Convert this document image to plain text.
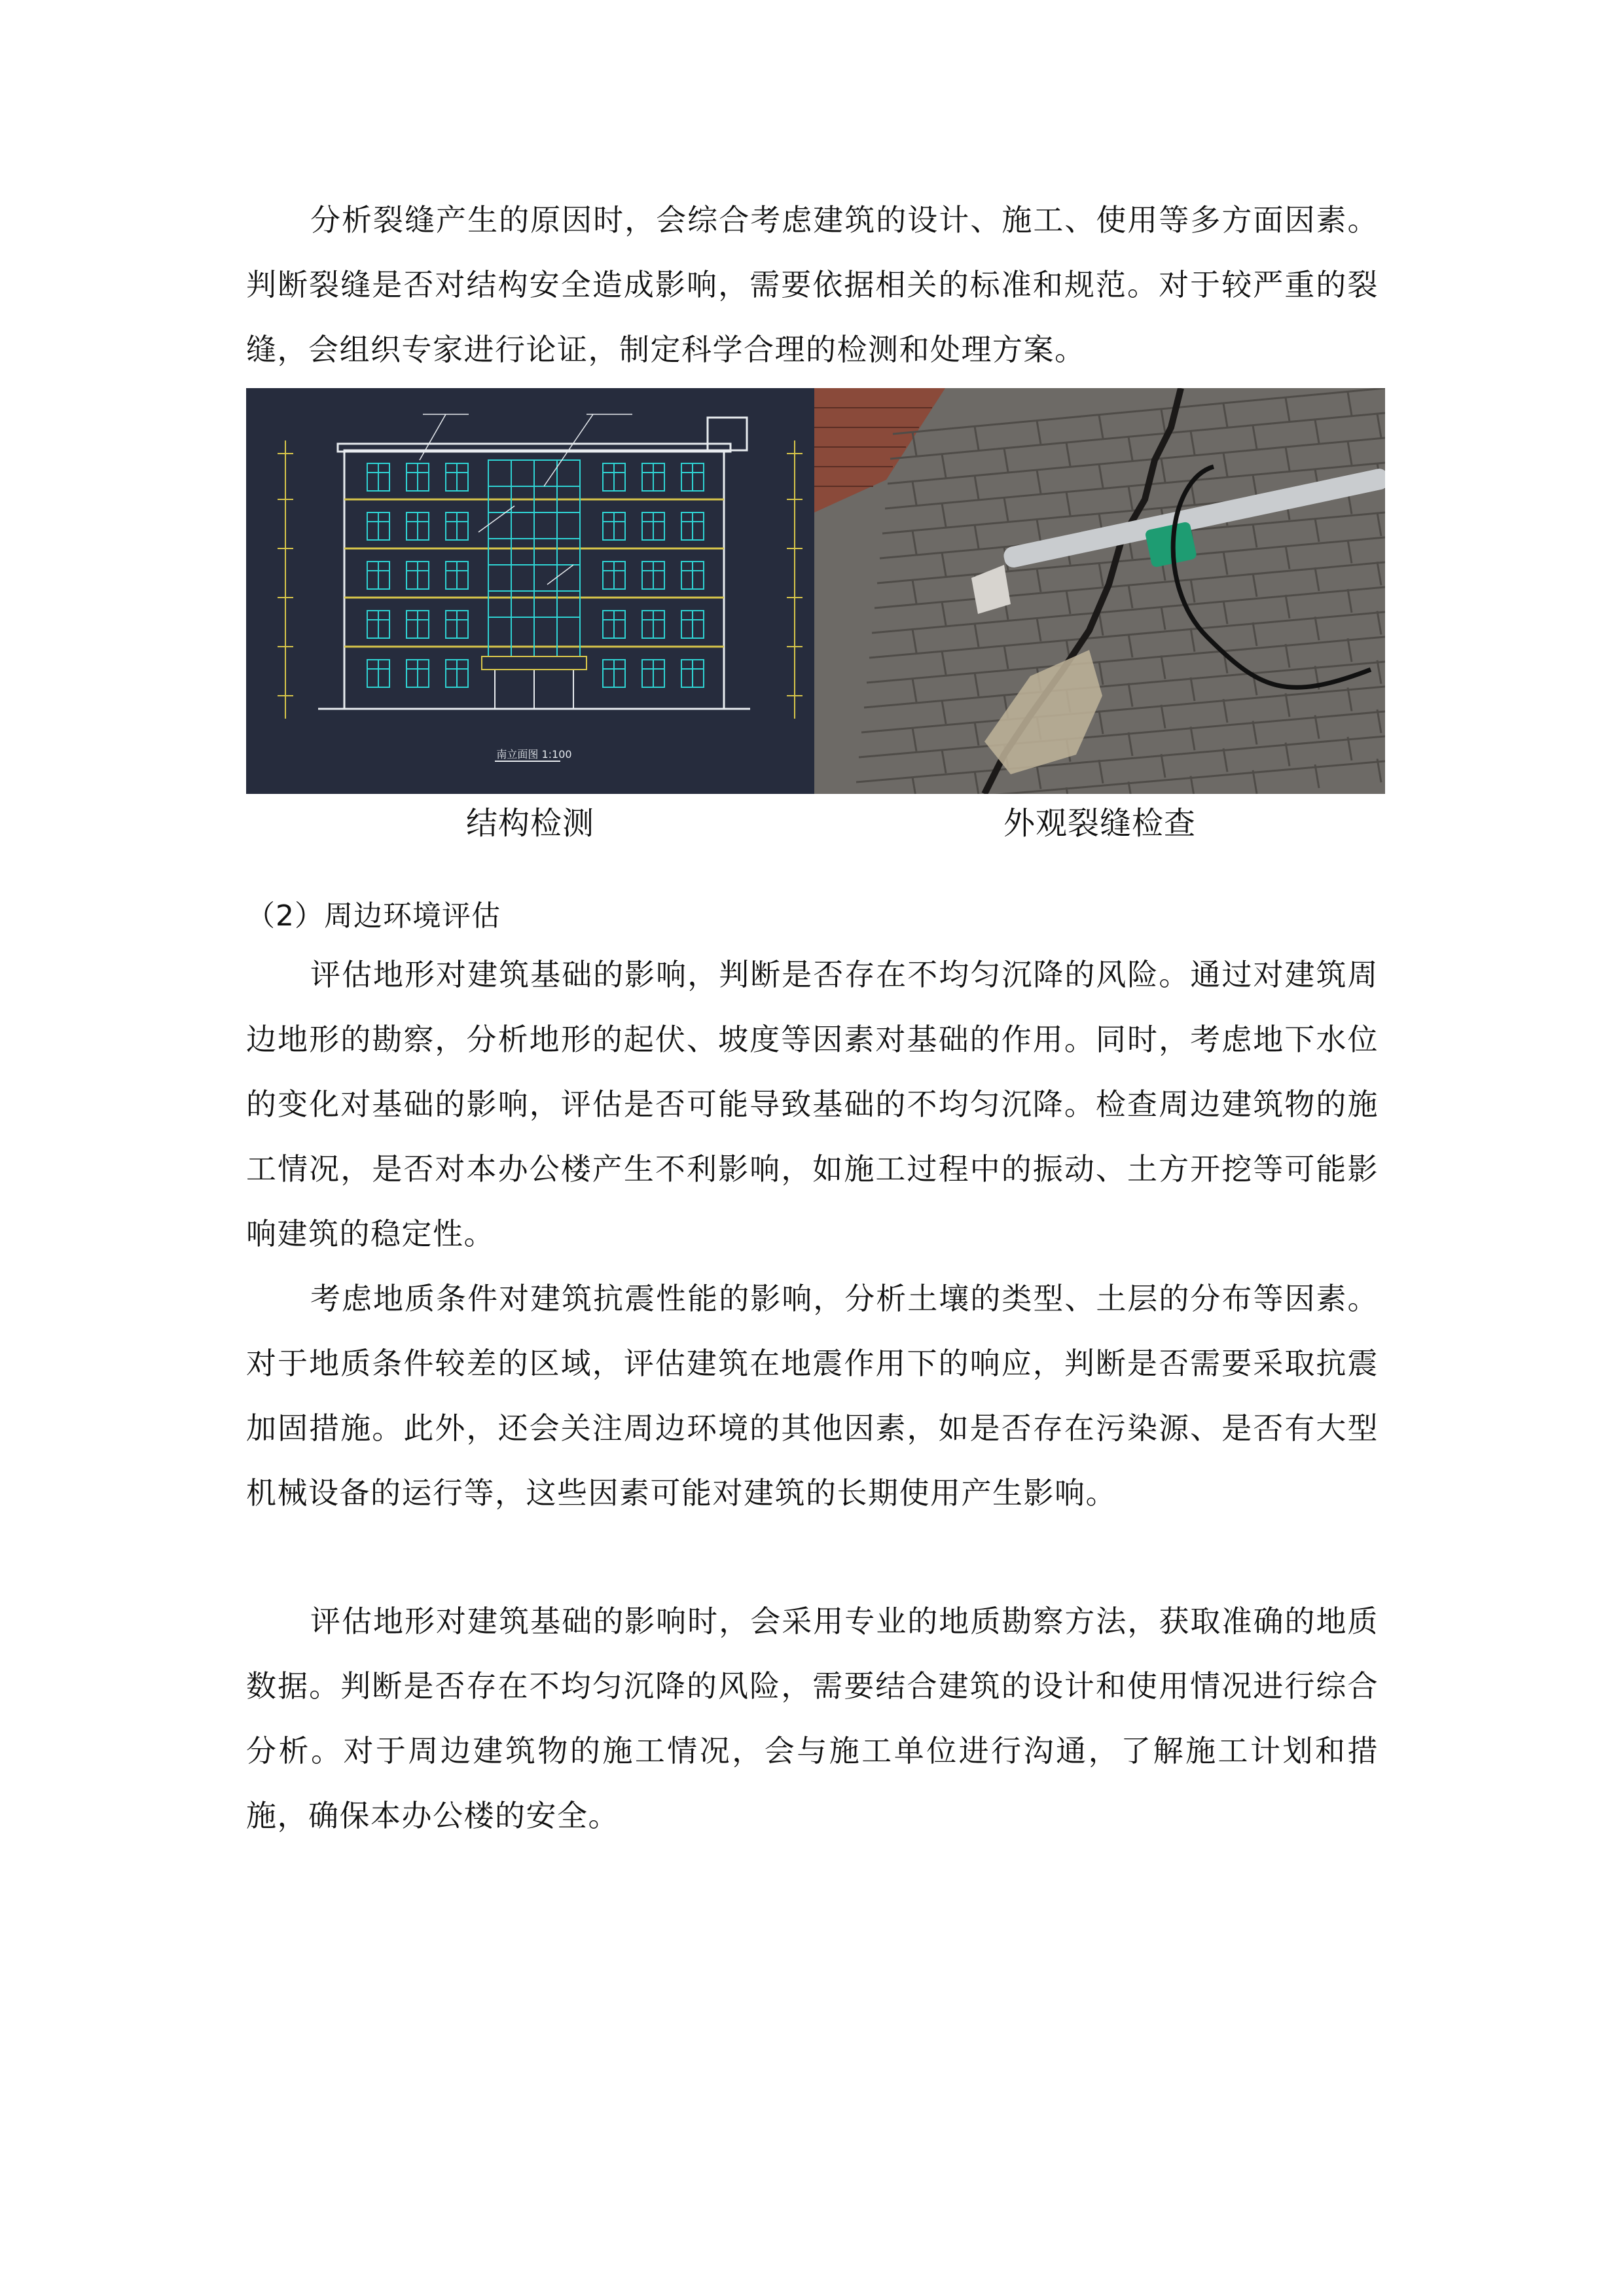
分析裂缝产生的原因时，会综合考虑建筑的设计、施工、使用等多方面因素。判断裂缝是否对结构安全造成影响，需要依据相关的标准和规范。对于较严重的裂缝，会组织专家进行论证，制定科学合理的检测和处理方案。

南立面图 1:100
结构检测	外观裂缝检查

（2）周边环境评估

评估地形对建筑基础的影响，判断是否存在不均匀沉降的风险。通过对建筑周边地形的勘察，分析地形的起伏、坡度等因素对基础的作用。同时，考虑地下水位的变化对基础的影响，评估是否可能导致基础的不均匀沉降。检查周边建筑物的施工情况，是否对本办公楼产生不利影响，如施工过程中的振动、土方开挖等可能影响建筑的稳定性。

考虑地质条件对建筑抗震性能的影响，分析土壤的类型、土层的分布等因素。对于地质条件较差的区域，评估建筑在地震作用下的响应，判断是否需要采取抗震加固措施。此外，还会关注周边环境的其他因素，如是否存在污染源、是否有大型机械设备的运行等，这些因素可能对建筑的长期使用产生影响。

评估地形对建筑基础的影响时，会采用专业的地质勘察方法，获取准确的地质数据。判断是否存在不均匀沉降的风险，需要结合建筑的设计和使用情况进行综合分析。对于周边建筑物的施工情况，会与施工单位进行沟通，了解施工计划和措施，确保本办公楼的安全。
